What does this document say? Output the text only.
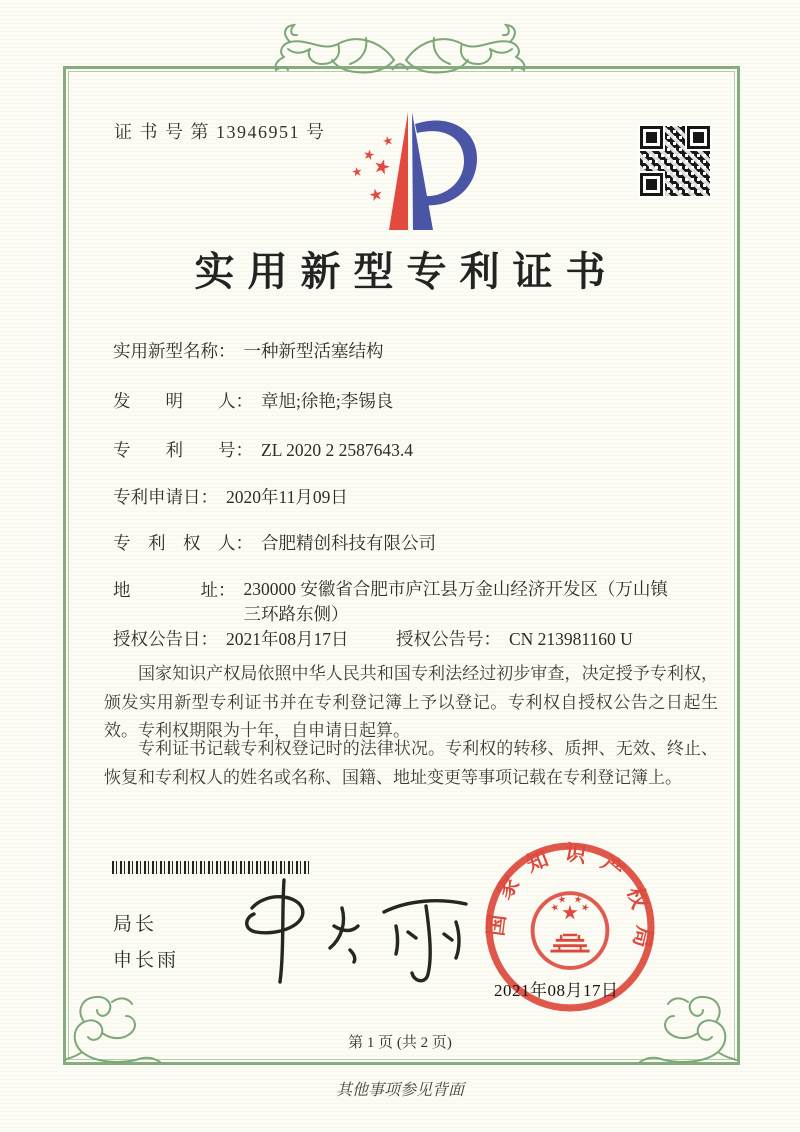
证 书 号 第 13946951 号
实用新型专利证书
实用新型名称： 一种新型活塞结构
发　　明　　人： 章旭;徐艳;李锡良
专　　利　　号： ZL 2020 2 2587643.4
专利申请日： 2020年11月09日
专　利　权　人： 合肥精创科技有限公司
地　　　　址： 230000 安徽省合肥市庐江县万金山经济开发区（万山镇
三环路东侧）
授权公告日： 2021年08月17日	授权公告号： CN 213981160 U
国家知识产权局依照中华人民共和国专利法经过初步审查，决定授予专利权，颁发实用新型专利证书并在专利登记簿上予以登记。专利权自授权公告之日起生效。专利权期限为十年，自申请日起算。
专利证书记载专利权登记时的法律状况。专利权的转移、质押、无效、终止、恢复和专利权人的姓名或名称、国籍、地址变更等事项记载在专利登记簿上。
局长
申长雨
国家知识产权局
2021年08月17日
第 1 页 (共 2 页)
其他事项参见背面
